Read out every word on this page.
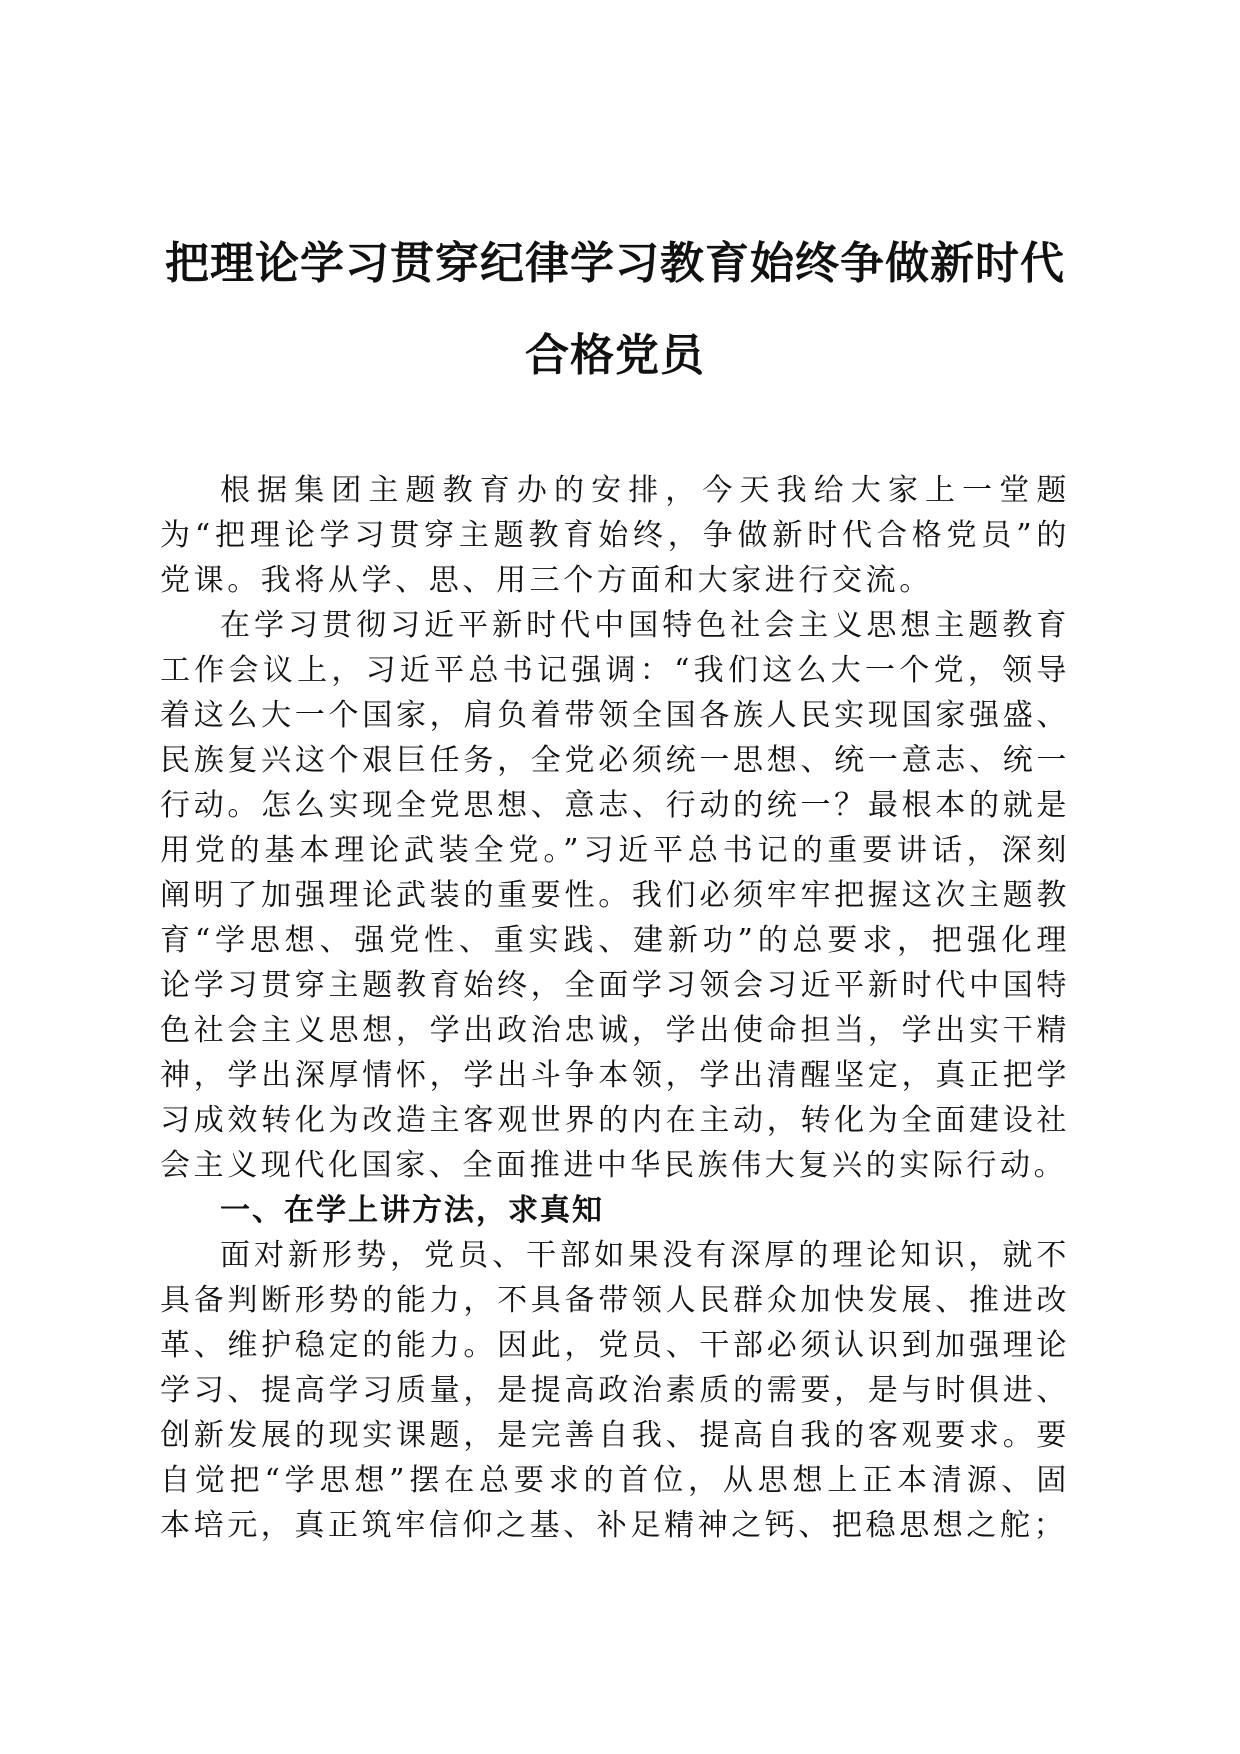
把理论学习贯穿纪律学习教育始终争做新时代
合格党员

根据集团主题教育办的安排，今天我给大家上一堂题为“把理论学习贯穿主题教育始终，争做新时代合格党员”的党课。我将从学、思、用三个方面和大家进行交流。

在学习贯彻习近平新时代中国特色社会主义思想主题教育工作会议上，习近平总书记强调：“我们这么大一个党，领导着这么大一个国家，肩负着带领全国各族人民实现国家强盛、民族复兴这个艰巨任务，全党必须统一思想、统一意志、统一行动。怎么实现全党思想、意志、行动的统一？最根本的就是用党的基本理论武装全党。”习近平总书记的重要讲话，深刻阐明了加强理论武装的重要性。我们必须牢牢把握这次主题教育“学思想、强党性、重实践、建新功”的总要求，把强化理论学习贯穿主题教育始终，全面学习领会习近平新时代中国特色社会主义思想，学出政治忠诚，学出使命担当，学出实干精神，学出深厚情怀，学出斗争本领，学出清醒坚定，真正把学习成效转化为改造主客观世界的内在主动，转化为全面建设社会主义现代化国家、全面推进中华民族伟大复兴的实际行动。

一、在学上讲方法，求真知

面对新形势，党员、干部如果没有深厚的理论知识，就不具备判断形势的能力，不具备带领人民群众加快发展、推进改革、维护稳定的能力。因此，党员、干部必须认识到加强理论学习、提高学习质量，是提高政治素质的需要，是与时俱进、创新发展的现实课题，是完善自我、提高自我的客观要求。要自觉把“学思想”摆在总要求的首位，从思想上正本清源、固本培元，真正筑牢信仰之基、补足精神之钙、把稳思想之舵；
